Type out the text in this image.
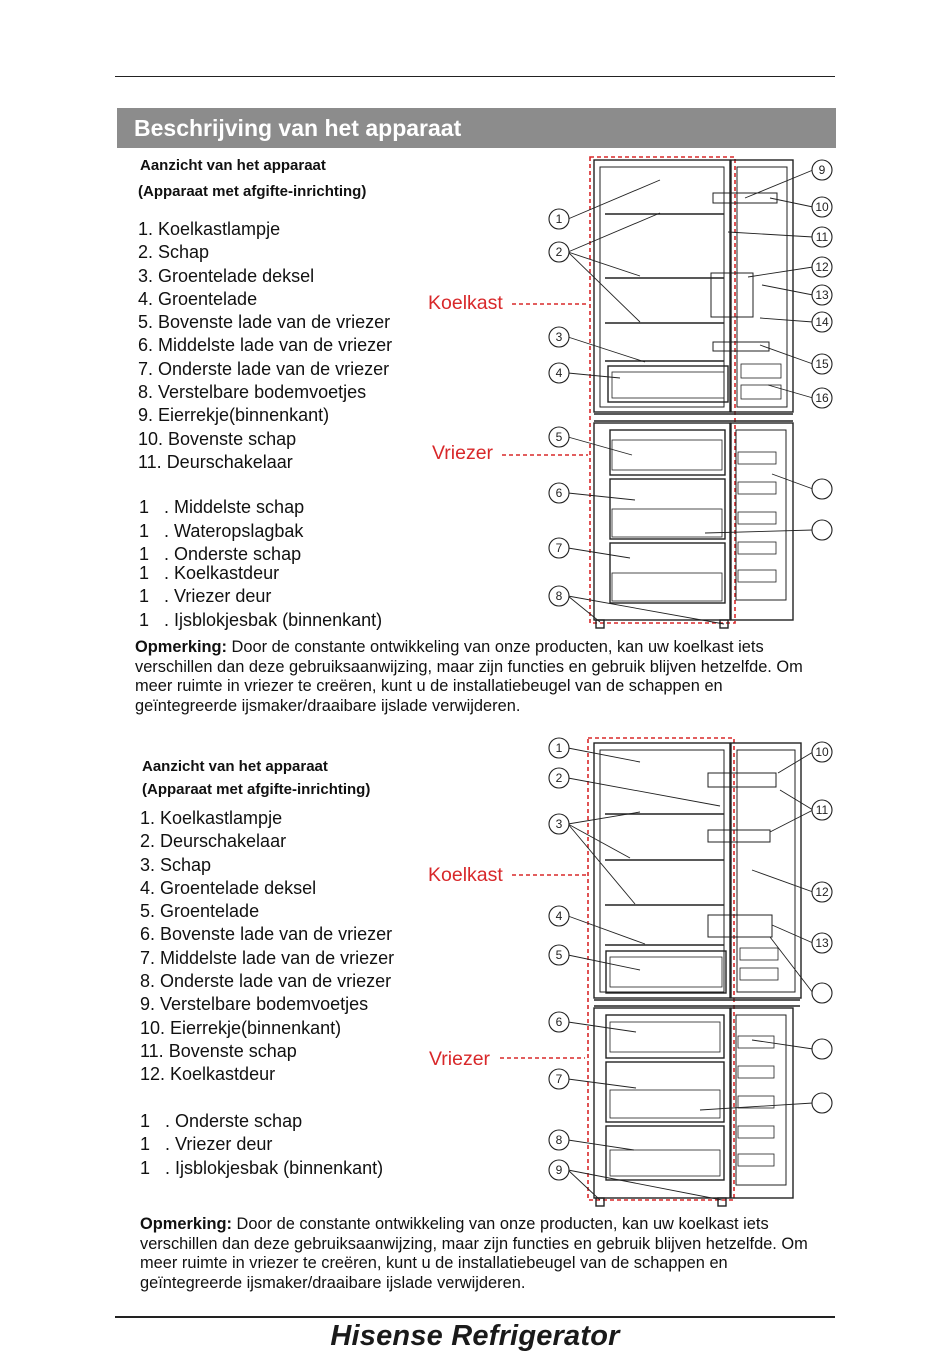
Beschrijving van het apparaat
Aanzicht van het apparaat
(Apparaat met afgifte-inrichting)
1. Koelkastlampje
2. Schap
3. Groentelade deksel
4. Groentelade
5. Bovenste lade van de vriezer
6. Middelste lade van de vriezer
7. Onderste lade van de vriezer
8. Verstelbare bodemvoetjes
9. Eierrekje(binnenkant)
10. Bovenste schap
11. Deurschakelaar
1   . Middelste schap
1   . Wateropslagbak
1   . Onderste schap
1   . Koelkastdeur
1   . Vriezer deur
1   . Ijsblokjesbak (binnenkant)
Opmerking: Door de constante ontwikkeling van onze producten, kan uw koelkast iets verschillen dan deze gebruiksaanwijzing, maar zijn functies en gebruik blijven hetzelfde. Om meer ruimte in vriezer te creëren, kunt u de installatiebeugel van de schappen en geïntegreerde ijsmaker/draaibare ijslade verwijderen.
Koelkast
Vriezer
1
2
3
4
5
6
7
8
9
10
11
12
13
14
15
16
Aanzicht van het apparaat
(Apparaat met afgifte-inrichting)
1. Koelkastlampje
2. Deurschakelaar
3. Schap
4. Groentelade deksel
5. Groentelade
6. Bovenste lade van de vriezer
7. Middelste lade van de vriezer
8. Onderste lade van de vriezer
9. Verstelbare bodemvoetjes
10. Eierrekje(binnenkant)
11. Bovenste schap
12. Koelkastdeur
1   . Onderste schap
1   . Vriezer deur
1   . Ijsblokjesbak (binnenkant)
Opmerking: Door de constante ontwikkeling van onze producten, kan uw koelkast iets verschillen dan deze gebruiksaanwijzing, maar zijn functies en gebruik blijven hetzelfde. Om meer ruimte in vriezer te creëren, kunt u de installatiebeugel van de schappen en geïntegreerde ijsmaker/draaibare ijslade verwijderen.
Koelkast
Vriezer
1
2
3
4
5
6
7
8
9
10
11
12
13
Hisense Refrigerator
